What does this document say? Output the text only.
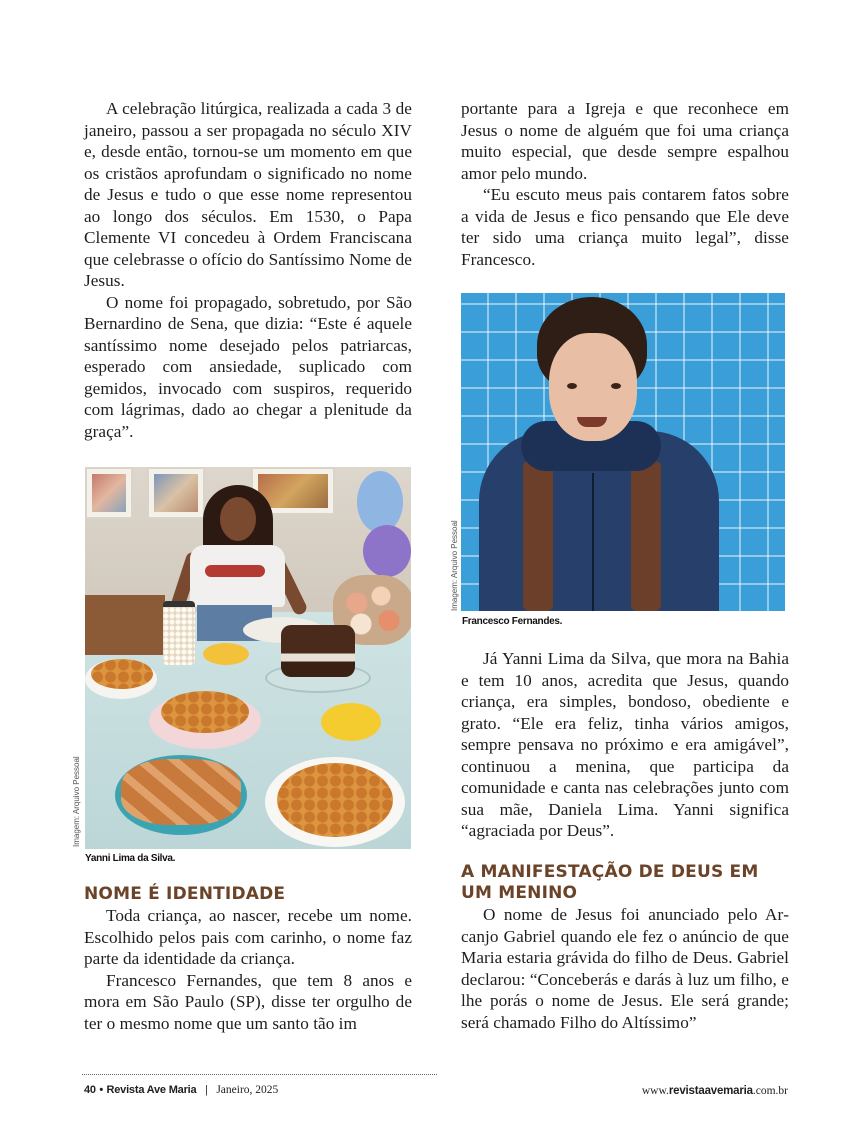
A celebração litúrgica, realizada a cada 3 de janeiro, passou a ser propagada no século XIV e, desde então, tornou-se um momento em que os cristãos aprofundam o significado no nome de Jesus e tudo o que esse nome representou ao longo dos séculos. Em 1530, o Papa Clemente VI concedeu à Ordem Franciscana que celebrasse o ofício do Santíssimo Nome de Jesus.

O nome foi propagado, sobretudo, por São Bernardino de Sena, que dizia: “Este é aquele santíssimo nome desejado pelos patriarcas, esperado com ansiedade, suplicado com gemidos, invocado com suspiros, requerido com lágrimas, dado ao chegar a plenitude da graça”.

Imagem: Arquivo Pessoal
Yanni Lima da Silva.
NOME É IDENTIDADE

Toda criança, ao nascer, recebe um nome. Escolhido pelos pais com carinho, o nome faz parte da identidade da criança.

Francesco Fernandes, que tem 8 anos e mora em São Paulo (SP), disse ter orgulho de ter o mesmo nome que um santo tão im

portante para a Igreja e que reconhece em Jesus o nome de alguém que foi uma criança muito especial, que desde sempre espalhou amor pelo mundo.

“Eu escuto meus pais contarem fatos sobre a vida de Jesus e fico pensando que Ele deve ter sido uma criança muito legal”, disse Francesco.

Imagem: Arquivo Pessoal
Francesco Fernandes.

Já Yanni Lima da Silva, que mora na Bahia e tem 10 anos, acredita que Jesus, quando criança, era simples, bondoso, obediente e grato. “Ele era feliz, tinha vários amigos, sempre pensava no próximo e era amigável”, continuou a menina, que participa da comunidade e canta nas celebrações junto com sua mãe, Daniela Lima. Yanni significa “agraciada por Deus”.

A MANIFESTAÇÃO DE DEUS EM UM MENINO

O nome de Jesus foi anunciado pelo Arcanjo Gabriel quando ele fez o anúncio de que Maria estaria grávida do filho de Deus. Gabriel declarou: “Conceberás e darás à luz um filho, e lhe porás o nome de Jesus. Ele será grande; será chamado Filho do Altíssimo”

40 • Revista Ave Maria | Janeiro, 2025	www.revistaavemaria.com.br
